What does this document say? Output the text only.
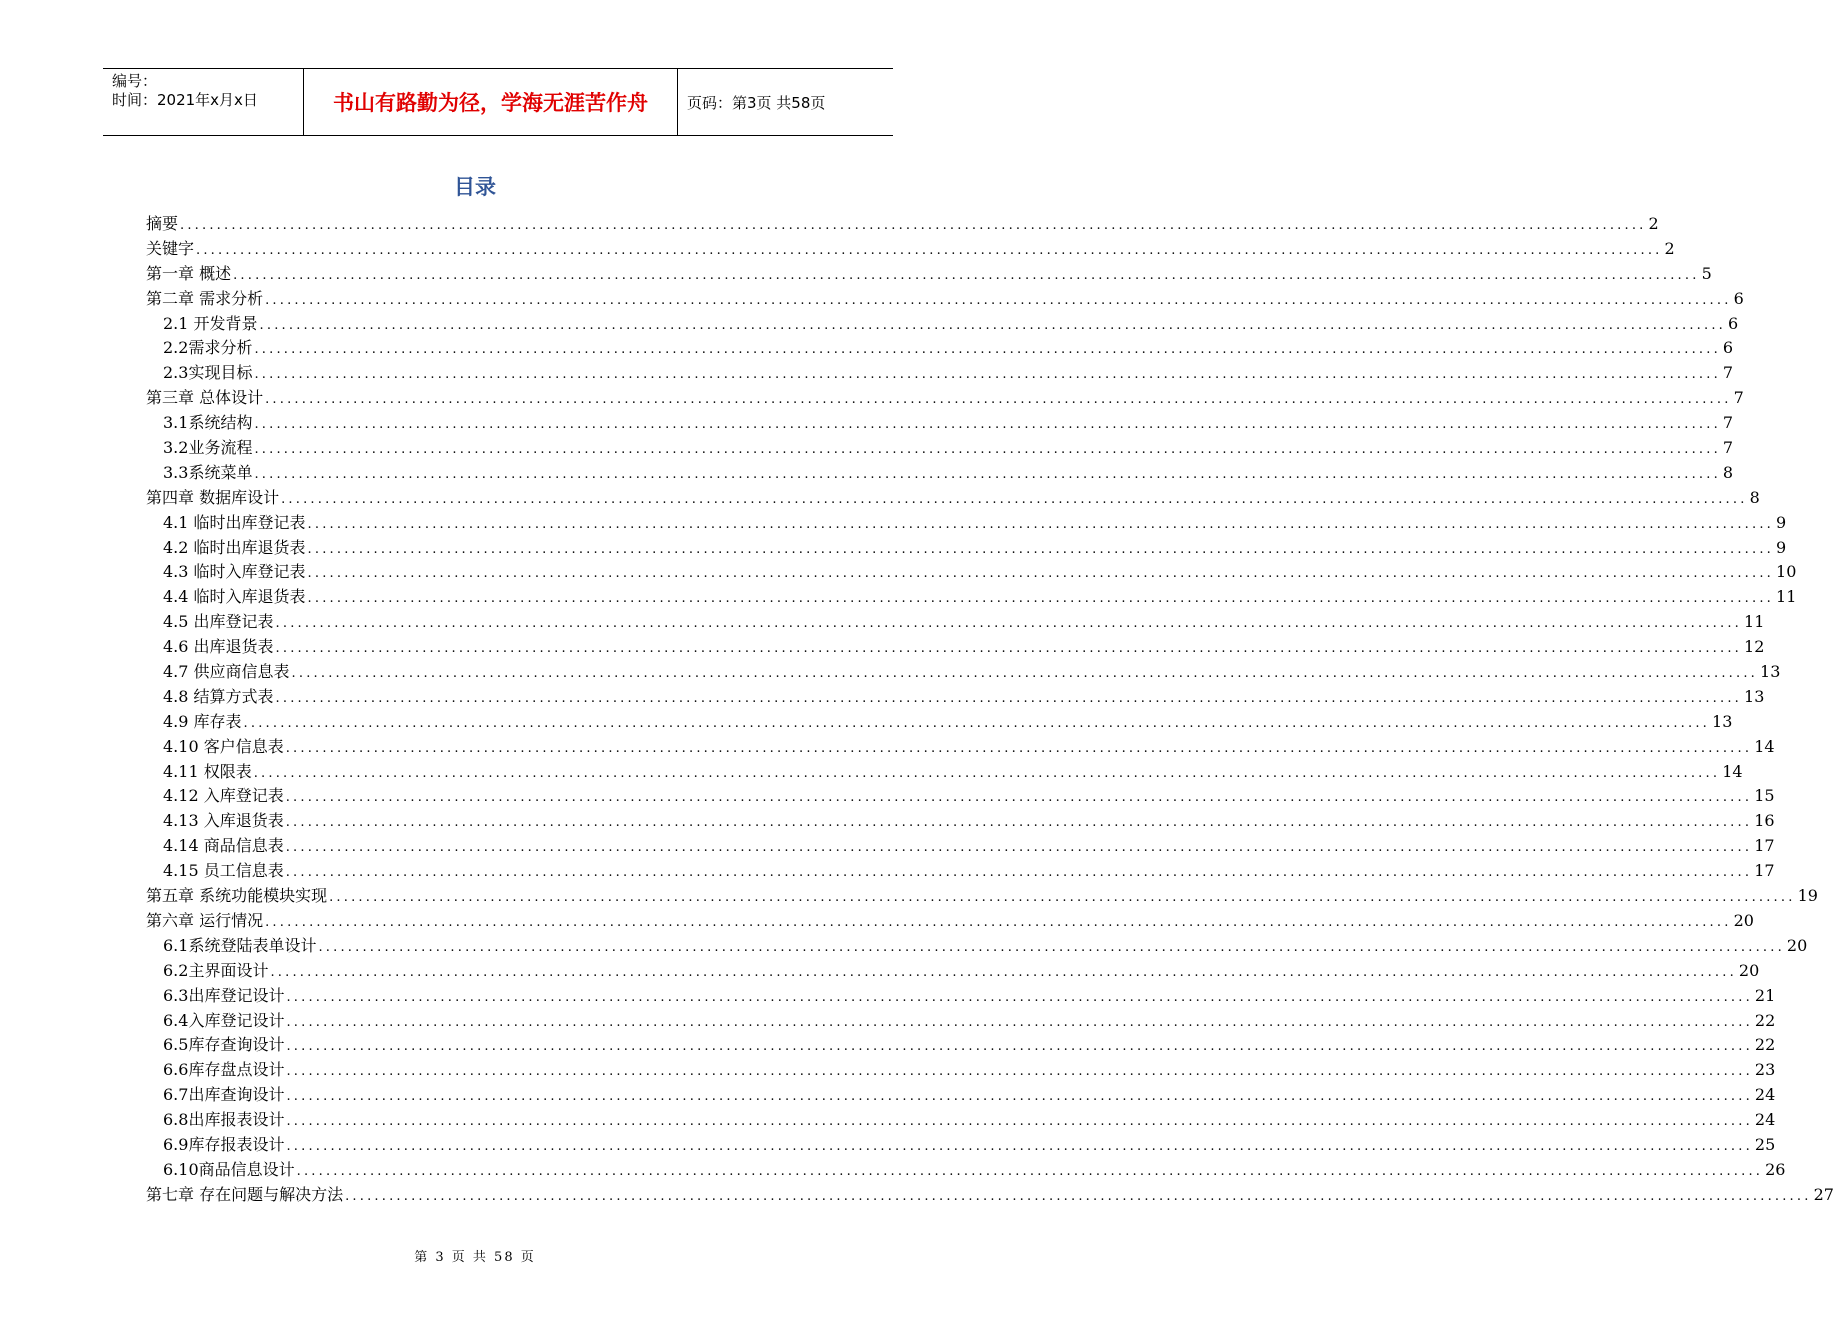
编号：
时间：2021年x月x日	书山有路勤为径，学海无涯苦作舟	页码：第3页 共58页
目录
摘要 ........................................................................................................................................................................................................ 2
关键字 ........................................................................................................................................................................................................ 2
第一章 概述 ........................................................................................................................................................................................................ 5
第二章 需求分析 ........................................................................................................................................................................................................ 6
2.1 开发背景 ........................................................................................................................................................................................................ 6
2.2需求分析 ........................................................................................................................................................................................................ 6
2.3实现目标 ........................................................................................................................................................................................................ 7
第三章 总体设计 ........................................................................................................................................................................................................ 7
3.1系统结构 ........................................................................................................................................................................................................ 7
3.2业务流程 ........................................................................................................................................................................................................ 7
3.3系统菜单 ........................................................................................................................................................................................................ 8
第四章 数据库设计 ........................................................................................................................................................................................................ 8
4.1 临时出库登记表 ........................................................................................................................................................................................................ 9
4.2 临时出库退货表 ........................................................................................................................................................................................................ 9
4.3 临时入库登记表 ........................................................................................................................................................................................................ 10
4.4 临时入库退货表 ........................................................................................................................................................................................................ 11
4.5 出库登记表 ........................................................................................................................................................................................................ 11
4.6 出库退货表 ........................................................................................................................................................................................................ 12
4.7 供应商信息表 ........................................................................................................................................................................................................ 13
4.8 结算方式表 ........................................................................................................................................................................................................ 13
4.9 库存表 ........................................................................................................................................................................................................ 13
4.10 客户信息表 ........................................................................................................................................................................................................ 14
4.11 权限表 ........................................................................................................................................................................................................ 14
4.12 入库登记表 ........................................................................................................................................................................................................ 15
4.13 入库退货表 ........................................................................................................................................................................................................ 16
4.14 商品信息表 ........................................................................................................................................................................................................ 17
4.15 员工信息表 ........................................................................................................................................................................................................ 17
第五章 系统功能模块实现 ........................................................................................................................................................................................................ 19
第六章 运行情况 ........................................................................................................................................................................................................ 20
6.1系统登陆表单设计 ........................................................................................................................................................................................................ 20
6.2主界面设计 ........................................................................................................................................................................................................ 20
6.3出库登记设计 ........................................................................................................................................................................................................ 21
6.4入库登记设计 ........................................................................................................................................................................................................ 22
6.5库存查询设计 ........................................................................................................................................................................................................ 22
6.6库存盘点设计 ........................................................................................................................................................................................................ 23
6.7出库查询设计 ........................................................................................................................................................................................................ 24
6.8出库报表设计 ........................................................................................................................................................................................................ 24
6.9库存报表设计 ........................................................................................................................................................................................................ 25
6.10商品信息设计 ........................................................................................................................................................................................................ 26
第七章 存在问题与解决方法 ........................................................................................................................................................................................................ 27
第 3 页 共 58 页
